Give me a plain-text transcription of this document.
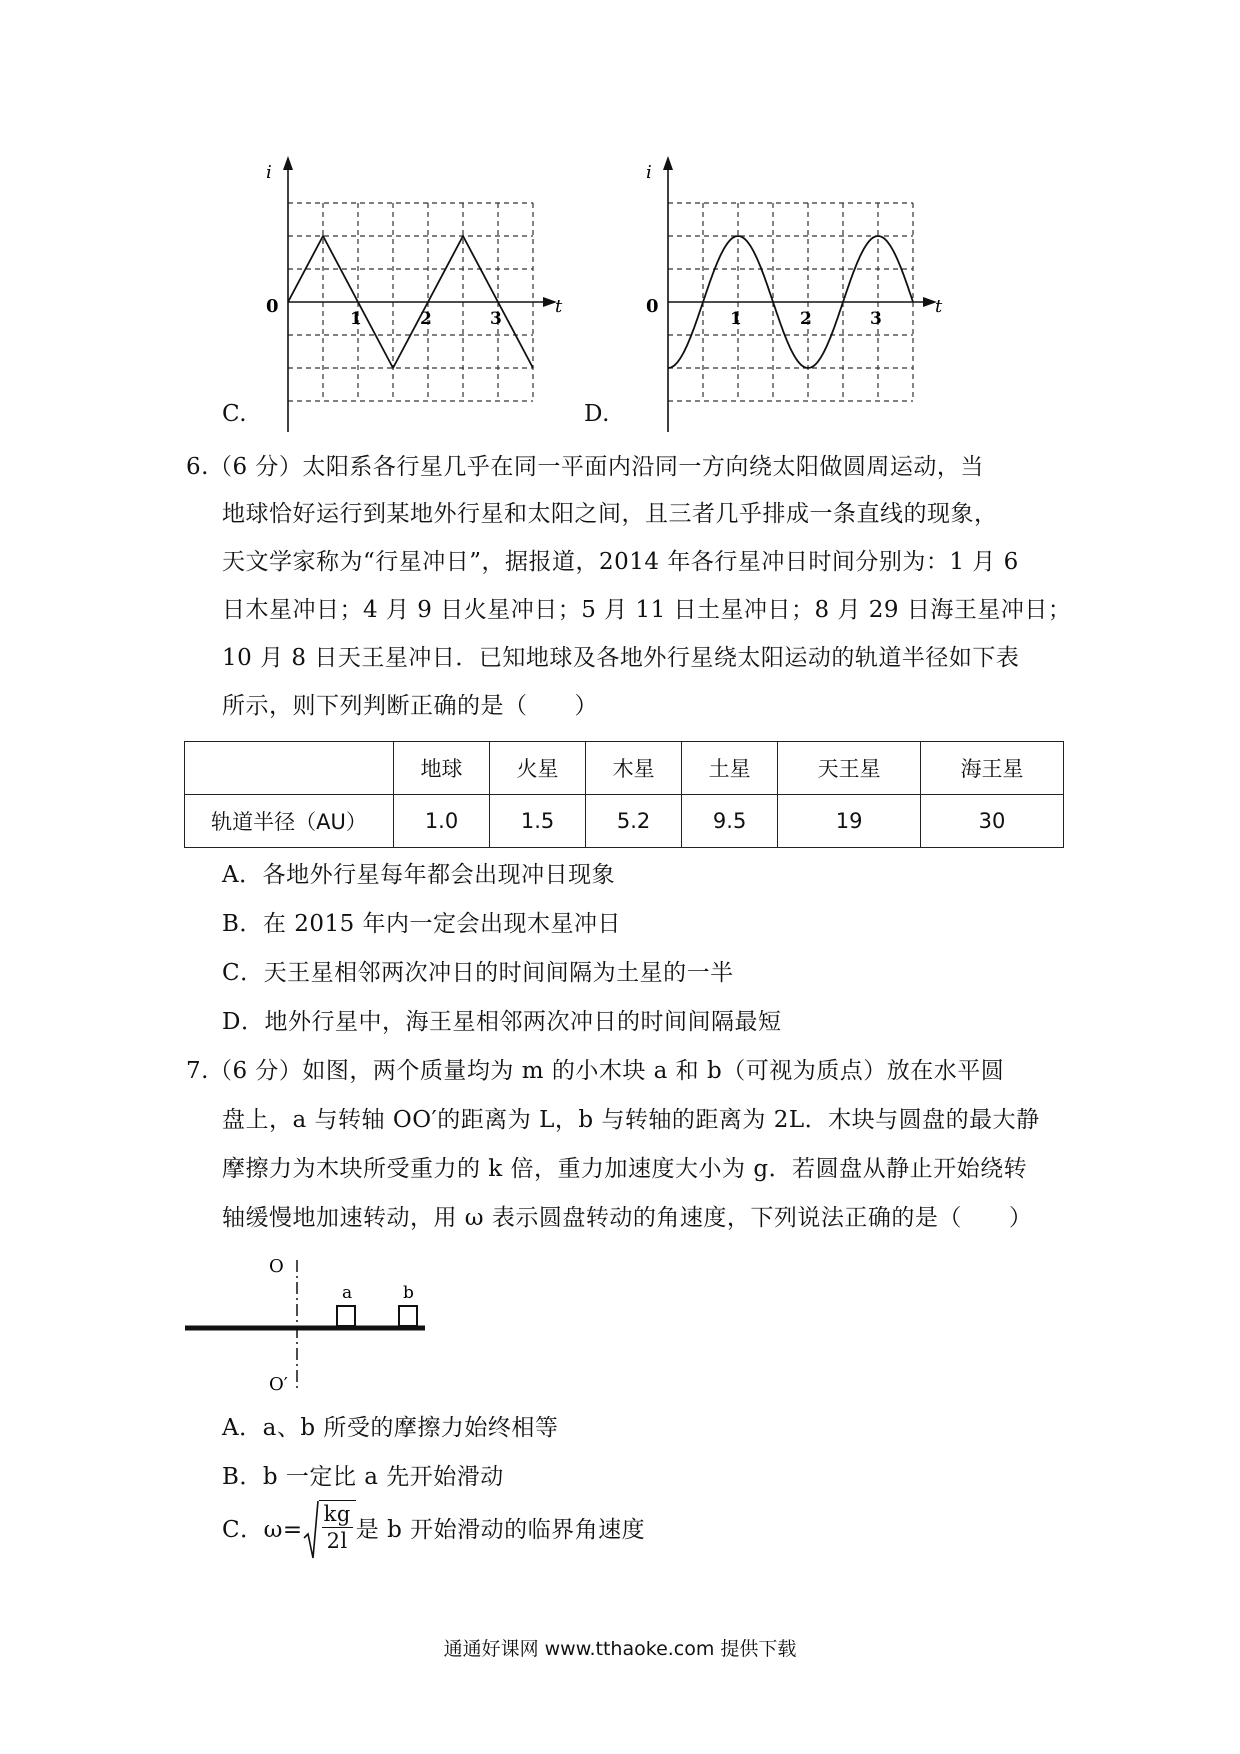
i
t
0
1	2	3
C.
i
t
0
1	2	3
D.
6.（6 分）太阳系各行星几乎在同一平面内沿同一方向绕太阳做圆周运动，当
地球恰好运行到某地外行星和太阳之间，且三者几乎排成一条直线的现象，
天文学家称为“行星冲日”，据报道，2014 年各行星冲日时间分别为：1 月 6
日木星冲日；4 月 9 日火星冲日；5 月 11 日土星冲日；8 月 29 日海王星冲日；
10 月 8 日天王星冲日．已知地球及各地外行星绕太阳运动的轨道半径如下表
所示，则下列判断正确的是（　　）
	地球	火星	木星	土星	天王星	海王星
轨道半径（AU）	1.0	1.5	5.2	9.5	19	30
A．各地外行星每年都会出现冲日现象
B．在 2015 年内一定会出现木星冲日
C．天王星相邻两次冲日的时间间隔为土星的一半
D．地外行星中，海王星相邻两次冲日的时间间隔最短
7.（6 分）如图，两个质量均为 m 的小木块 a 和 b（可视为质点）放在水平圆
盘上，a 与转轴 OO′的距离为 L，b 与转轴的距离为 2L．木块与圆盘的最大静
摩擦力为木块所受重力的 k 倍，重力加速度大小为 g．若圆盘从静止开始绕转
轴缓慢地加速转动，用 ω 表示圆盘转动的角速度，下列说法正确的是（　　）
O
O′
a	b
A．a、b 所受的摩擦力始终相等
B．b 一定比 a 先开始滑动
C．$\omega= \frac{kg}{2l}$ 是 b 开始滑动的临界角速度
通通好课网 www.tthaoke.com 提供下载
